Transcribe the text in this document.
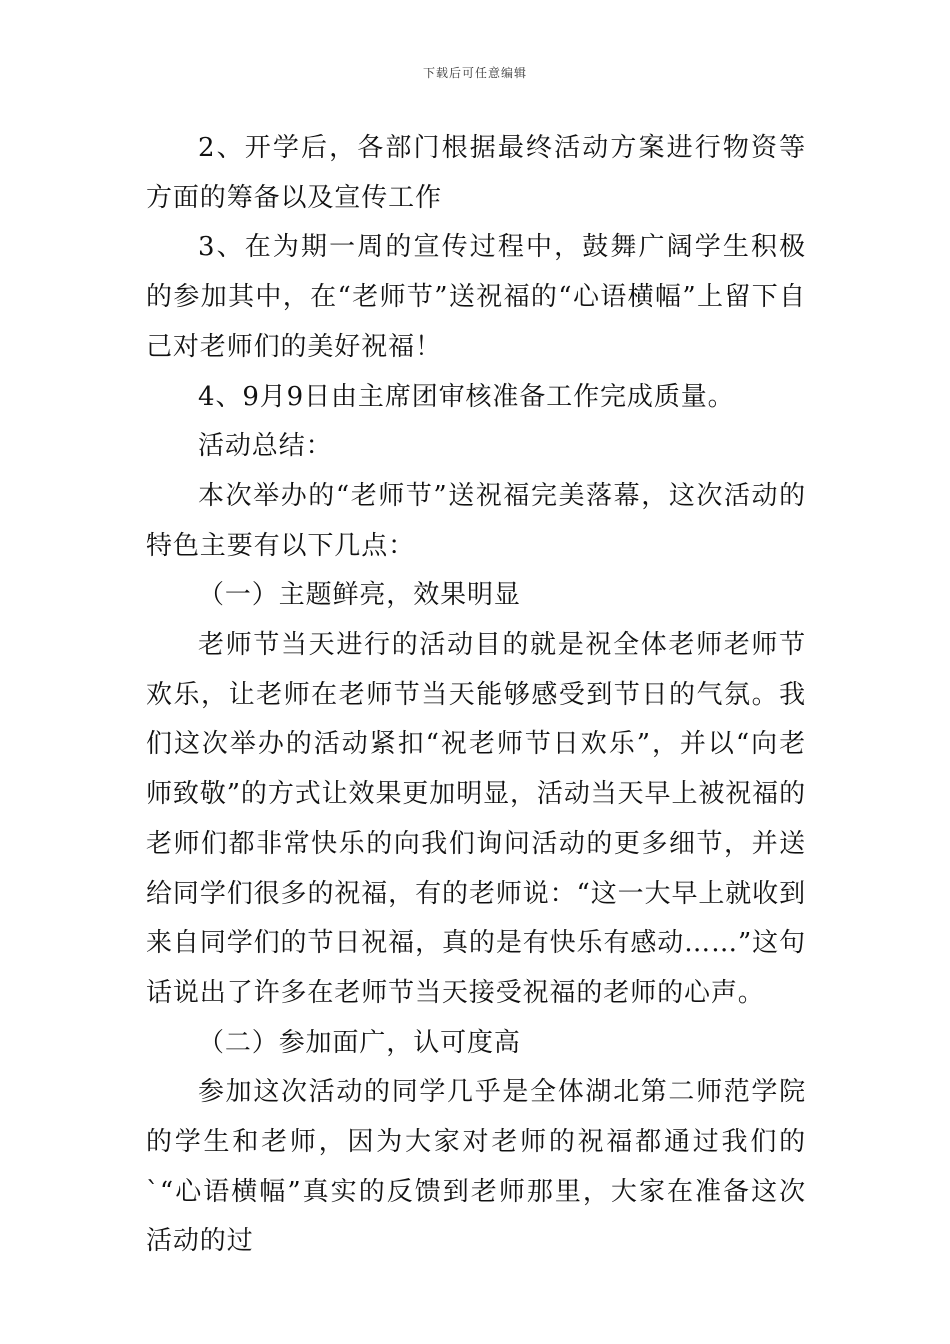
下载后可任意编辑

2、开学后，各部门根据最终活动方案进行物资等方面的筹备以及宣传工作

3、在为期一周的宣传过程中，鼓舞广阔学生积极的参加其中，在“老师节”送祝福的“心语横幅”上留下自己对老师们的美好祝福！

4、9月9日由主席团审核准备工作完成质量。

活动总结：

本次举办的“老师节”送祝福完美落幕，这次活动的特色主要有以下几点：

（一）主题鲜亮，效果明显

老师节当天进行的活动目的就是祝全体老师老师节欢乐，让老师在老师节当天能够感受到节日的气氛。我们这次举办的活动紧扣“祝老师节日欢乐”，并以“向老师致敬”的方式让效果更加明显，活动当天早上被祝福的老师们都非常快乐的向我们询问活动的更多细节，并送给同学们很多的祝福，有的老师说：“这一大早上就收到来自同学们的节日祝福，真的是有快乐有感动……”这句话说出了许多在老师节当天接受祝福的老师的心声。

（二）参加面广，认可度高

参加这次活动的同学几乎是全体湖北第二师范学院的学生和老师，因为大家对老师的祝福都通过我们的`“心语横幅”真实的反馈到老师那里，大家在准备这次活动的过
